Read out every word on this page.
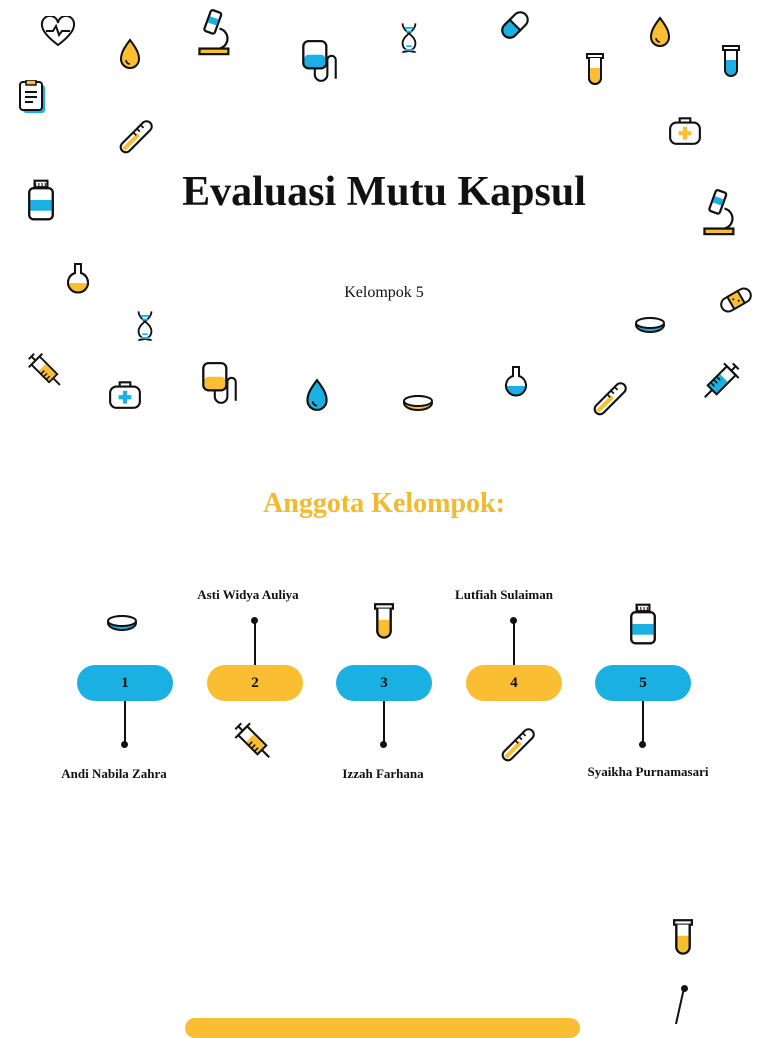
Evaluasi Mutu Kapsul
Kelompok 5
Anggota Kelompok:
1
Andi Nabila Zahra
2
Asti Widya Auliya
3
Izzah Farhana
4
Lutfiah Sulaiman
5
Syaikha Purnamasari
